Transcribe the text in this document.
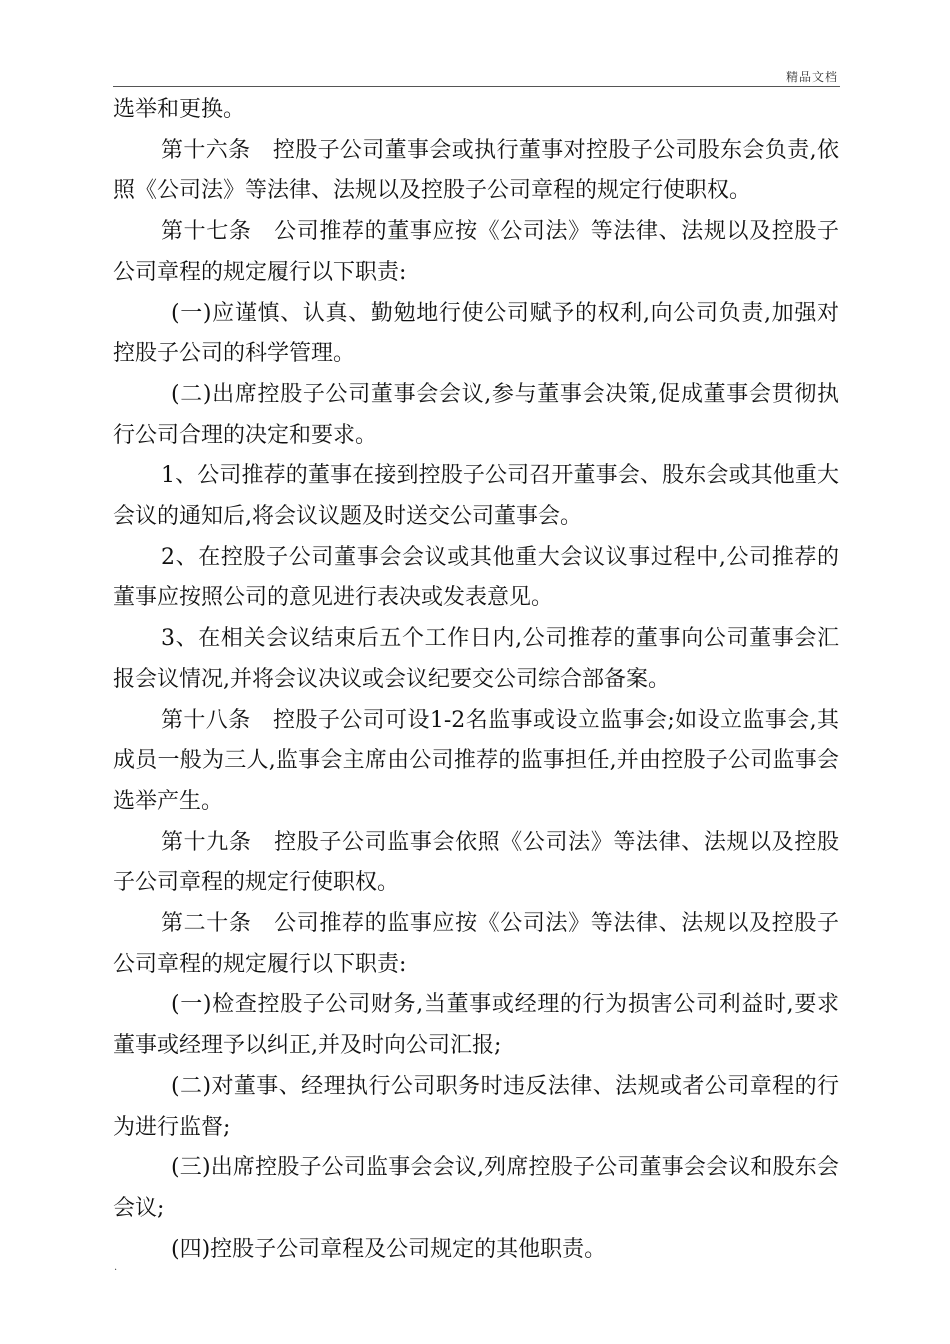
精品文档

选举和更换。

第十六条　控股子公司董事会或执行董事对控股子公司股东会负责,依照《公司法》等法律、法规以及控股子公司章程的规定行使职权。

第十七条　公司推荐的董事应按《公司法》等法律、法规以及控股子公司章程的规定履行以下职责:

(一)应谨慎、认真、勤勉地行使公司赋予的权利,向公司负责,加强对控股子公司的科学管理。

(二)出席控股子公司董事会会议,参与董事会决策,促成董事会贯彻执行公司合理的决定和要求。

1、公司推荐的董事在接到控股子公司召开董事会、股东会或其他重大会议的通知后,将会议议题及时送交公司董事会。

2、在控股子公司董事会会议或其他重大会议议事过程中,公司推荐的董事应按照公司的意见进行表决或发表意见。

3、在相关会议结束后五个工作日内,公司推荐的董事向公司董事会汇报会议情况,并将会议决议或会议纪要交公司综合部备案。

第十八条　控股子公司可设1-2名监事或设立监事会;如设立监事会,其成员一般为三人,监事会主席由公司推荐的监事担任,并由控股子公司监事会选举产生。

第十九条　控股子公司监事会依照《公司法》等法律、法规以及控股子公司章程的规定行使职权。

第二十条　公司推荐的监事应按《公司法》等法律、法规以及控股子公司章程的规定履行以下职责:

(一)检查控股子公司财务,当董事或经理的行为损害公司利益时,要求董事或经理予以纠正,并及时向公司汇报;

(二)对董事、经理执行公司职务时违反法律、法规或者公司章程的行为进行监督;

(三)出席控股子公司监事会会议,列席控股子公司董事会会议和股东会会议;

(四)控股子公司章程及公司规定的其他职责。

.
